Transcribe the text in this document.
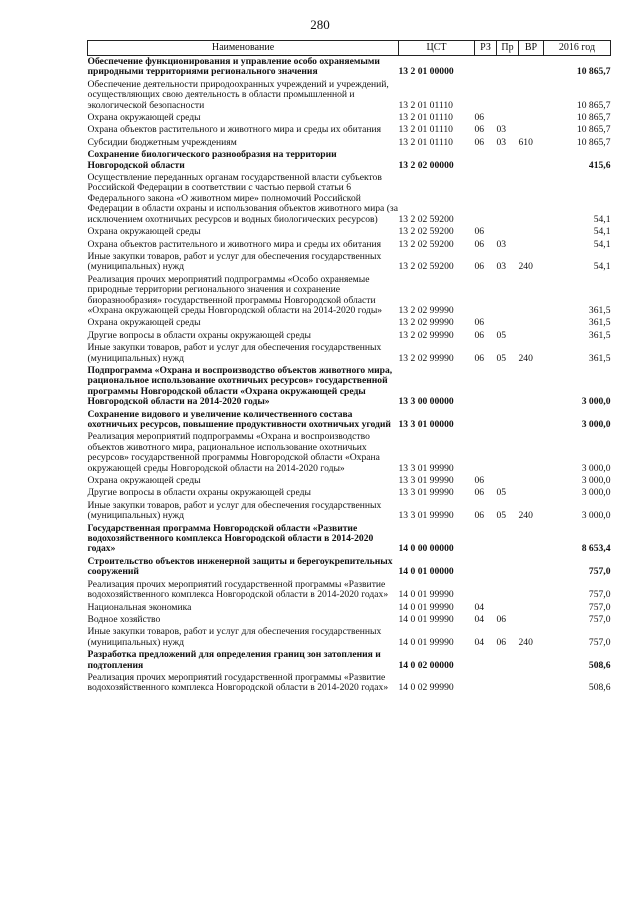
280
Наименование	ЦСТ	РЗ	Пр	ВР	2016 год
Обеспечение функционирования и управление особо охраняемыми природными территориями регионального значения	13 2 01 00000				10 865,7
Обеспечение деятельности природоохранных учреждений и учреждений, осуществляющих свою деятельность в области промышленной и экологической безопасности	13 2 01 01110				10 865,7
Охрана окружающей среды	13 2 01 01110	06			10 865,7
Охрана объектов растительного и животного мира и среды их обитания	13 2 01 01110	06	03		10 865,7
Субсидии бюджетным учреждениям	13 2 01 01110	06	03	610	10 865,7
Сохранение биологического разнообразия на территории Новгородской области	13 2 02 00000				415,6
Осуществление переданных органам государственной власти субъектов Российской Федерации в соответствии с частью первой статьи 6 Федерального закона «О животном мире» полномочий Российской Федерации в области охраны и использования объектов животного мира (за исключением охотничьих ресурсов и водных биологических ресурсов)	13 2 02 59200				54,1
Охрана окружающей среды	13 2 02 59200	06			54,1
Охрана объектов растительного и животного мира и среды их обитания	13 2 02 59200	06	03		54,1
Иные закупки товаров, работ и услуг для обеспечения государственных (муниципальных) нужд	13 2 02 59200	06	03	240	54,1
Реализация прочих мероприятий подпрограммы «Особо охраняемые природные территории регионального значения и сохранение биоразнообразия» государственной программы Новгородской области «Охрана окружающей среды Новгородской области на 2014-2020 годы»	13 2 02 99990				361,5
Охрана окружающей среды	13 2 02 99990	06			361,5
Другие вопросы в области охраны окружающей среды	13 2 02 99990	06	05		361,5
Иные закупки товаров, работ и услуг для обеспечения государственных (муниципальных) нужд	13 2 02 99990	06	05	240	361,5
Подпрограмма «Охрана и воспроизводство объектов животного мира, рациональное использование охотничьих ресурсов» государственной программы Новгородской области «Охрана окружающей среды Новгородской области на 2014-2020 годы»	13 3 00 00000				3 000,0
Сохранение видового и увеличение количественного состава охотничьих ресурсов, повышение продуктивности охотничьих угодий	13 3 01 00000				3 000,0
Реализация мероприятий подпрограммы «Охрана и воспроизводство объектов животного мира, рациональное использование охотничьих ресурсов» государственной программы Новгородской области «Охрана окружающей среды Новгородской области на 2014-2020 годы»	13 3 01 99990				3 000,0
Охрана окружающей среды	13 3 01 99990	06			3 000,0
Другие вопросы в области охраны окружающей среды	13 3 01 99990	06	05		3 000,0
Иные закупки товаров, работ и услуг для обеспечения государственных (муниципальных) нужд	13 3 01 99990	06	05	240	3 000,0
Государственная программа Новгородской области «Развитие водохозяйственного комплекса Новгородской области в 2014-2020 годах»	14 0 00 00000				8 653,4
Строительство объектов инженерной защиты и берегоукрепительных сооружений	14 0 01 00000				757,0
Реализация прочих мероприятий государственной программы «Развитие водохозяйственного комплекса Новгородской области в 2014-2020 годах»	14 0 01 99990				757,0
Национальная экономика	14 0 01 99990	04			757,0
Водное хозяйство	14 0 01 99990	04	06		757,0
Иные закупки товаров, работ и услуг для обеспечения государственных (муниципальных) нужд	14 0 01 99990	04	06	240	757,0
Разработка предложений для определения границ зон затопления и подтопления	14 0 02 00000				508,6
Реализация прочих мероприятий государственной программы «Развитие водохозяйственного комплекса Новгородской области в 2014-2020 годах»	14 0 02 99990				508,6
